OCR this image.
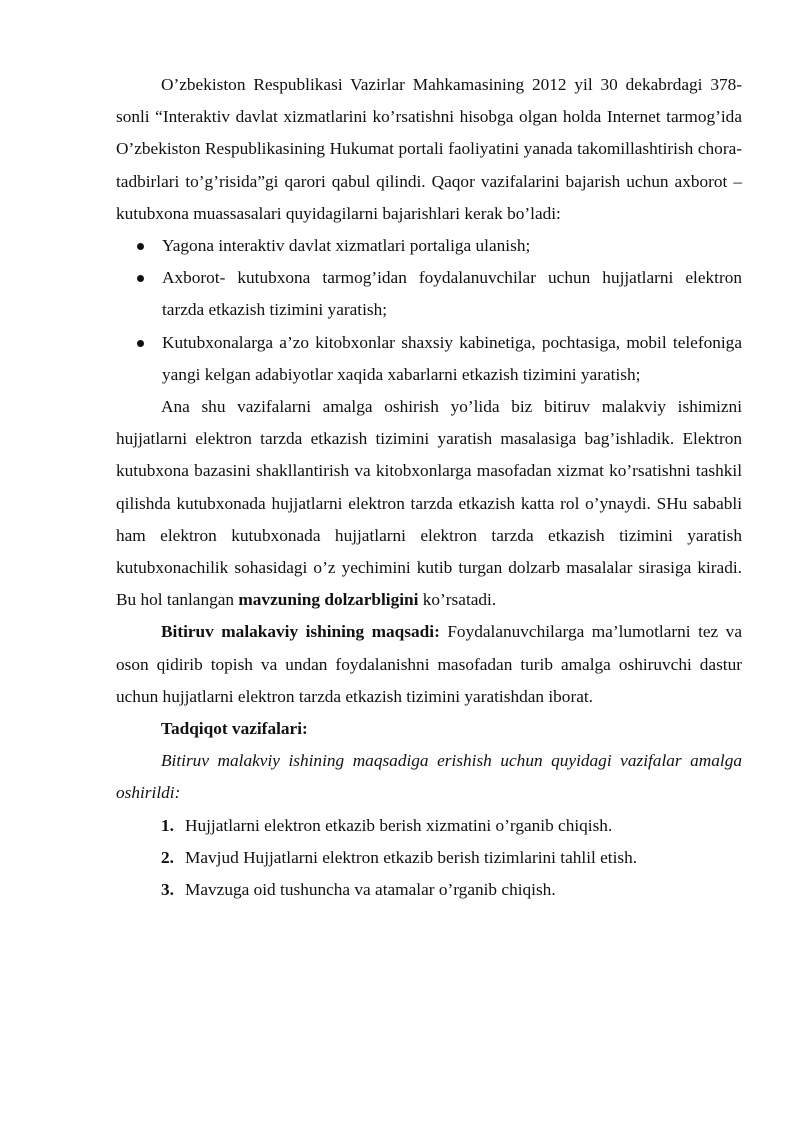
O’zbekiston Respublikasi Vazirlar Mahkamasining 2012 yil 30 dekabrdagi 378-sonli “Interaktiv davlat xizmatlarini ko’rsatishni hisobga olgan holda Internet tarmog’ida O’zbekiston Respublikasining Hukumat portali faoliyatini yanada takomillashtirish chora-tadbirlari to’g’risida”gi qarori qabul qilindi. Qaqor vazifalarini bajarish uchun axborot –kutubxona muassasalari quyidagilarni bajarishlari kerak bo’ladi:

Yagona interaktiv davlat xizmatlari portaliga ulanish;
Axborot- kutubxona tarmog’idan foydalanuvchilar uchun hujjatlarni elektron tarzda etkazish tizimini yaratish;
Kutubxonalarga a’zo kitobxonlar shaxsiy kabinetiga, pochtasiga, mobil telefoniga yangi kelgan adabiyotlar xaqida xabarlarni etkazish tizimini yaratish;

Ana shu vazifalarni amalga oshirish yo’lida biz bitiruv malakviy ishimizni hujjatlarni elektron tarzda etkazish tizimini yaratish masalasiga bag’ishladik. Elektron kutubxona bazasini shakllantirish va kitobxonlarga masofadan xizmat ko’rsatishni tashkil qilishda kutubxonada hujjatlarni elektron tarzda etkazish katta rol o’ynaydi. SHu sababli ham elektron kutubxonada hujjatlarni elektron tarzda etkazish tizimini yaratish kutubxonachilik sohasidagi o’z yechimini kutib turgan dolzarb masalalar sirasiga kiradi. Bu hol tanlangan mavzuning dolzarbligini ko’rsatadi.

Bitiruv malakaviy ishining maqsadi: Foydalanuvchilarga ma’lumotlarni tez va oson qidirib topish va undan foydalanishni masofadan turib amalga oshiruvchi dastur uchun hujjatlarni elektron tarzda etkazish tizimini yaratishdan iborat.

Tadqiqot vazifalari:

Bitiruv malakviy ishining maqsadiga erishish uchun quyidagi vazifalar amalga oshirildi:

1. Hujjatlarni elektron etkazib berish xizmatini o’rganib chiqish.
2. Mavjud Hujjatlarni elektron etkazib berish tizimlarini tahlil etish.
3. Mavzuga oid tushuncha va atamalar o’rganib chiqish.
